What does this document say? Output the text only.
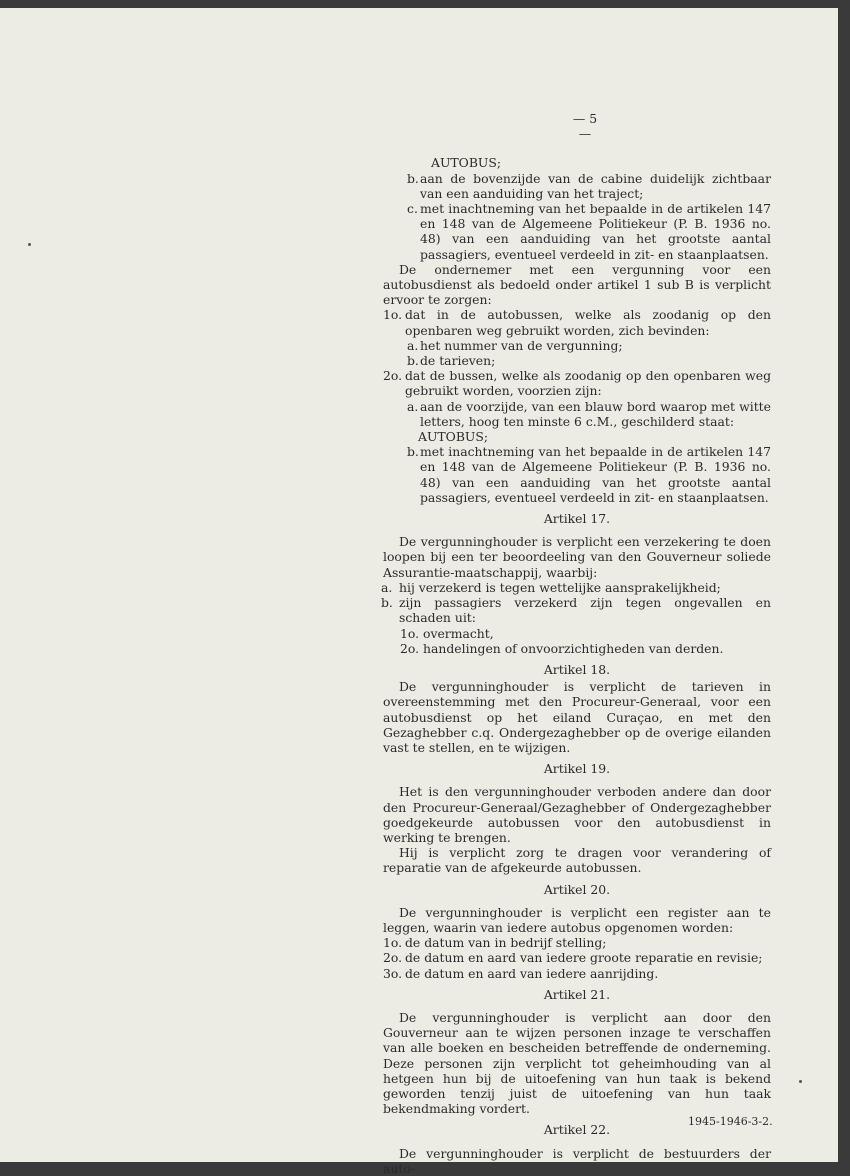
— 5 —
AUTOBUS;
b. aan de bovenzijde van de cabine duidelijk zichtbaar van een aanduiding van het traject;
c. met inachtneming van het bepaalde in de artikelen 147 en 148 van de Algemeene Politiekeur (P. B. 1936 no. 48) van een aanduiding van het grootste aantal passagiers, eventueel verdeeld in zit- en staanplaatsen.
De ondernemer met een vergunning voor een autobusdienst als bedoeld onder artikel 1 sub B is verplicht ervoor te zorgen:
1o. dat in de autobussen, welke als zoodanig op den openbaren weg gebruikt worden, zich bevinden:
a. het nummer van de vergunning;
b. de tarieven;
2o. dat de bussen, welke als zoodanig op den openbaren weg gebruikt worden, voorzien zijn:
a. aan de voorzijde, van een blauw bord waarop met witte letters, hoog ten minste 6 c.M., geschilderd staat:
AUTOBUS;
b. met inachtneming van het bepaalde in de artikelen 147 en 148 van de Algemeene Politiekeur (P. B. 1936 no. 48) van een aanduiding van het grootste aantal passagiers, eventueel verdeeld in zit- en staanplaatsen.
Artikel 17.
De vergunninghouder is verplicht een verzekering te doen loopen bij een ter beoordeeling van den Gouverneur soliede Assurantie-maatschappij, waarbij:
a. hij verzekerd is tegen wettelijke aansprakelijkheid;
b. zijn passagiers verzekerd zijn tegen ongevallen en schaden uit:
1o. overmacht,
2o. handelingen of onvoorzichtigheden van derden.
Artikel 18.
De vergunninghouder is verplicht de tarieven in overeenstemming met den Procureur-Generaal, voor een autobusdienst op het eiland Curaçao, en met den Gezaghebber c.q. Ondergezaghebber op de overige eilanden vast te stellen, en te wijzigen.
Artikel 19.
Het is den vergunninghouder verboden andere dan door den Procureur-Generaal/Gezaghebber of Ondergezaghebber goedgekeurde autobussen voor den autobusdienst in werking te brengen.
Hij is verplicht zorg te dragen voor verandering of reparatie van de afgekeurde autobussen.
Artikel 20.
De vergunninghouder is verplicht een register aan te leggen, waarin van iedere autobus opgenomen worden:
1o. de datum van in bedrijf stelling;
2o. de datum en aard van iedere groote reparatie en revisie;
3o. de datum en aard van iedere aanrijding.
Artikel 21.
De vergunninghouder is verplicht aan door den Gouverneur aan te wijzen personen inzage te verschaffen van alle boeken en bescheiden betreffende de onderneming. Deze personen zijn verplicht tot geheimhouding van al hetgeen hun bij de uitoefening van hun taak is bekend geworden tenzij juist de uitoefening van hun taak bekendmaking vordert.
Artikel 22.
De vergunninghouder is verplicht de bestuurders der auto-
1945-1946-3-2.
